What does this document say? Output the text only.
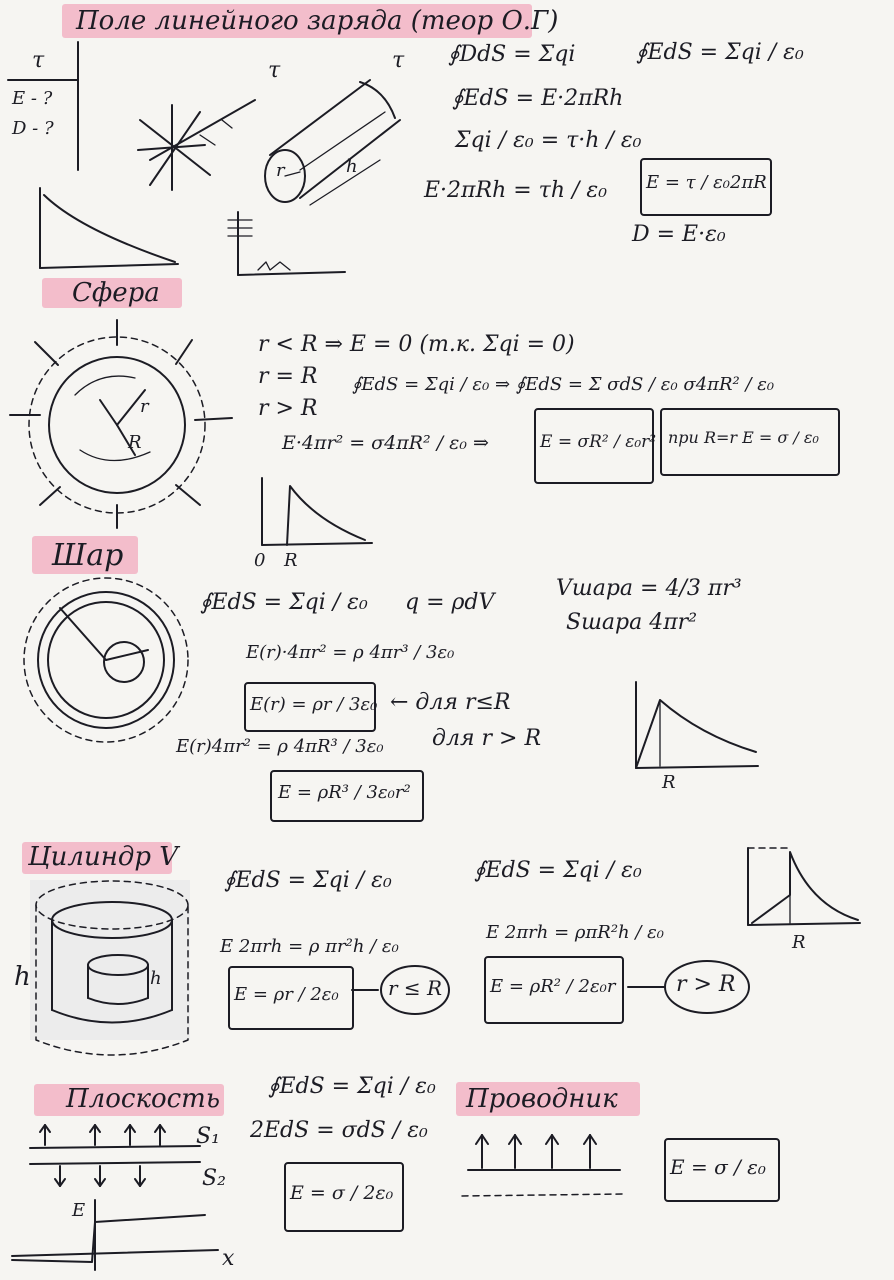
Поле линейного заряда (теор О.Г)
τ
E - ?
D - ?
τ	τ
r	h
∮DdS = Σqi	∮EdS = Σqi / ε₀
∮EdS = E·2πRh
Σqi / ε₀ = τ·h / ε₀
E·2πRh = τh / ε₀ E = τ / ε₀2πR
D = E·ε₀
Сфера
r < R ⇒ E = 0 (т.к. Σqi = 0)
r = R
r > R
∮EdS = Σqi / ε₀ ⇒ ∮EdS = Σ σdS / ε₀ σ4πR² / ε₀
E·4πr² = σ4πR² / ε₀ ⇒	E = σR² / ε₀r² при R=r E = σ / ε₀
0 R
r
R
Шар
∮EdS = Σqi / ε₀ q = ρdV
Vшара = 4/3 πr³
Sшара 4πr²
E(r)·4πr² = ρ 4πr³ / 3ε₀
E(r) = ρr / 3ε₀ ← для r≤R
E(r)4πr² = ρ 4πR³ / 3ε₀ для r > R
E = ρR³ / 3ε₀r²	R
Цилиндр V
h	h
∮EdS = Σqi / ε₀
E 2πrh = ρ πr²h / ε₀
E = ρr / 2ε₀ r ≤ R
∮EdS = Σqi / ε₀
E 2πrh = ρπR²h / ε₀
E = ρR² / 2ε₀r	r > R
R
Плоскость
S₁
S₂
E
x
∮EdS = Σqi / ε₀
2EdS = σdS / ε₀
E = σ / 2ε₀
Проводник
E = σ / ε₀
